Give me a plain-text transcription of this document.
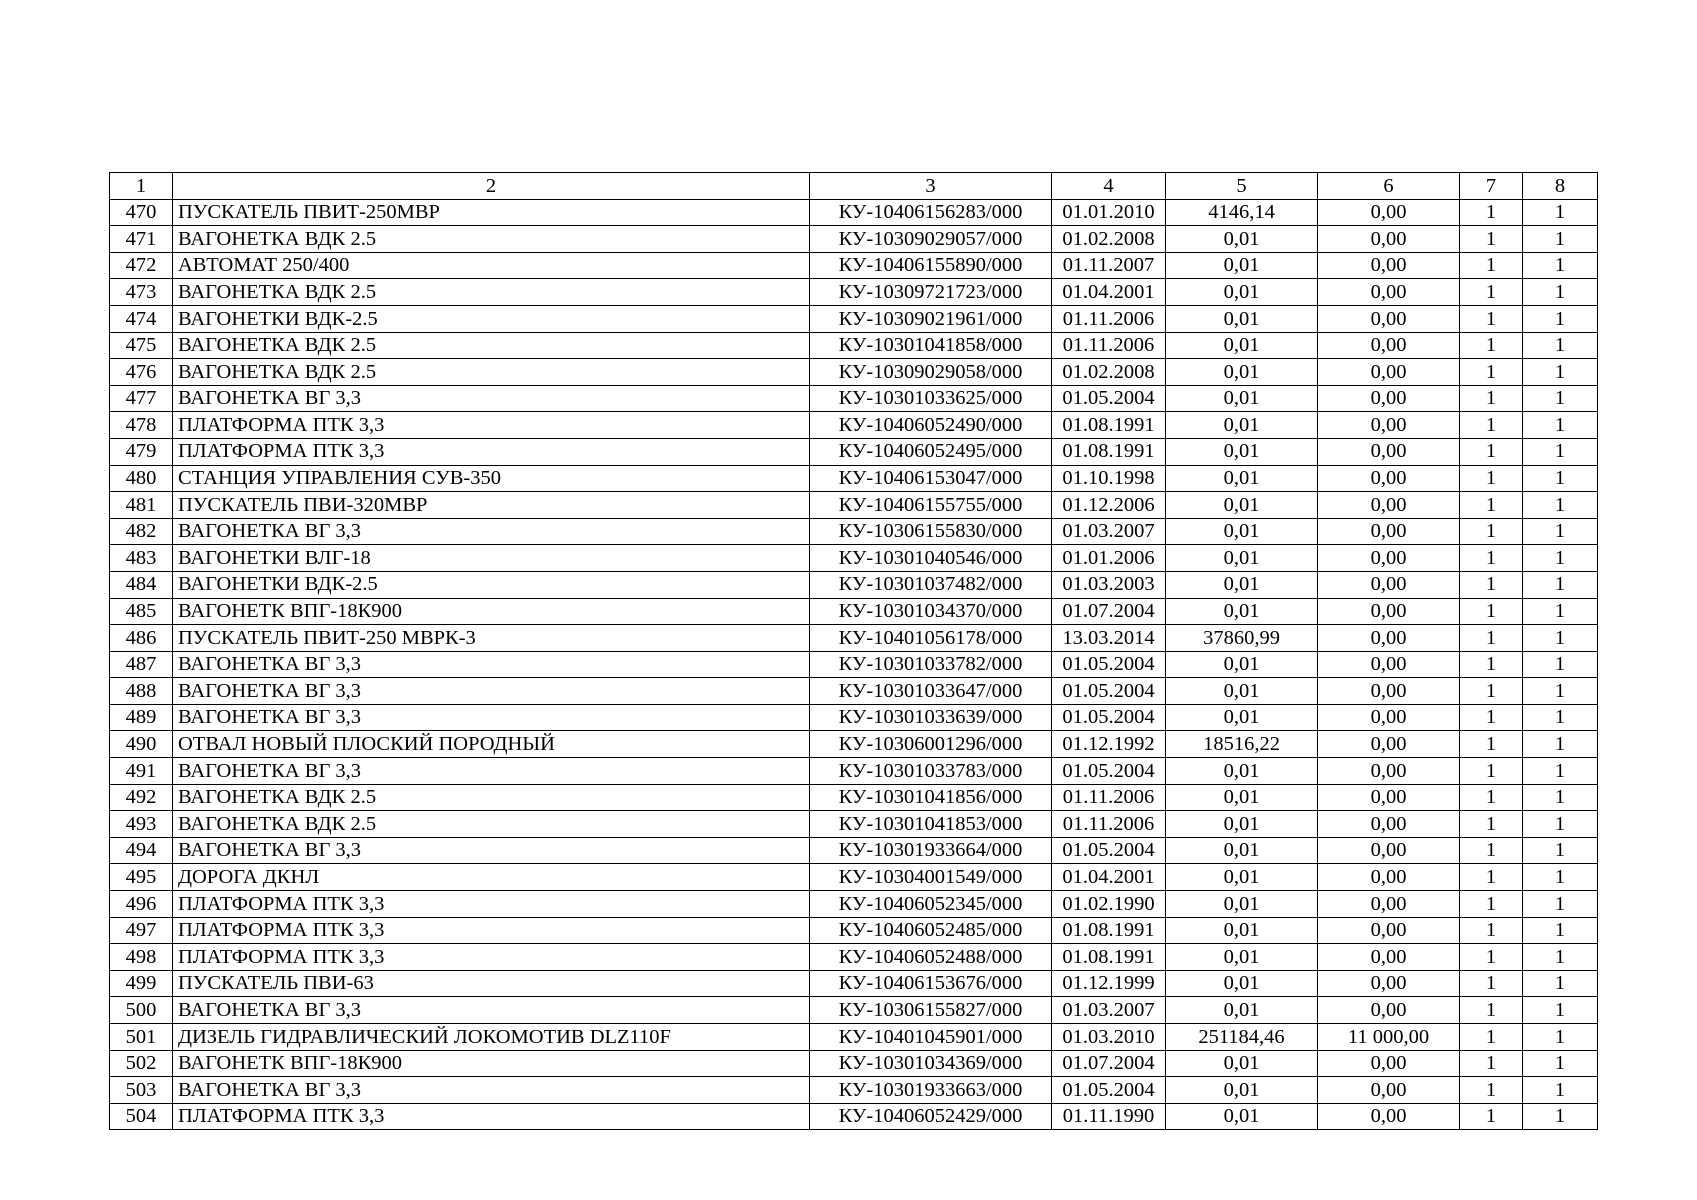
1	2	3	4	5	6	7	8
470	ПУСКАТЕЛЬ ПВИТ-250МВР	КУ-10406156283/000	01.01.2010	4146,14	0,00	1	1
471	ВАГОНЕТКА ВДК 2.5	КУ-10309029057/000	01.02.2008	0,01	0,00	1	1
472	АВТОМАТ 250/400	КУ-10406155890/000	01.11.2007	0,01	0,00	1	1
473	ВАГОНЕТКА ВДК 2.5	КУ-10309721723/000	01.04.2001	0,01	0,00	1	1
474	ВАГОНЕТКИ ВДК-2.5	КУ-10309021961/000	01.11.2006	0,01	0,00	1	1
475	ВАГОНЕТКА ВДК 2.5	КУ-10301041858/000	01.11.2006	0,01	0,00	1	1
476	ВАГОНЕТКА ВДК 2.5	КУ-10309029058/000	01.02.2008	0,01	0,00	1	1
477	ВАГОНЕТКА ВГ 3,3	КУ-10301033625/000	01.05.2004	0,01	0,00	1	1
478	ПЛАТФОРМА ПТК 3,3	КУ-10406052490/000	01.08.1991	0,01	0,00	1	1
479	ПЛАТФОРМА ПТК 3,3	КУ-10406052495/000	01.08.1991	0,01	0,00	1	1
480	СТАНЦИЯ УПРАВЛЕНИЯ СУВ-350	КУ-10406153047/000	01.10.1998	0,01	0,00	1	1
481	ПУСКАТЕЛЬ ПВИ-320МВР	КУ-10406155755/000	01.12.2006	0,01	0,00	1	1
482	ВАГОНЕТКА ВГ 3,3	КУ-10306155830/000	01.03.2007	0,01	0,00	1	1
483	ВАГОНЕТКИ ВЛГ-18	КУ-10301040546/000	01.01.2006	0,01	0,00	1	1
484	ВАГОНЕТКИ ВДК-2.5	КУ-10301037482/000	01.03.2003	0,01	0,00	1	1
485	ВАГОНЕТК ВПГ-18К900	КУ-10301034370/000	01.07.2004	0,01	0,00	1	1
486	ПУСКАТЕЛЬ ПВИТ-250 МВРК-3	КУ-10401056178/000	13.03.2014	37860,99	0,00	1	1
487	ВАГОНЕТКА ВГ 3,3	КУ-10301033782/000	01.05.2004	0,01	0,00	1	1
488	ВАГОНЕТКА ВГ 3,3	КУ-10301033647/000	01.05.2004	0,01	0,00	1	1
489	ВАГОНЕТКА ВГ 3,3	КУ-10301033639/000	01.05.2004	0,01	0,00	1	1
490	ОТВАЛ НОВЫЙ ПЛОСКИЙ ПОРОДНЫЙ	КУ-10306001296/000	01.12.1992	18516,22	0,00	1	1
491	ВАГОНЕТКА ВГ 3,3	КУ-10301033783/000	01.05.2004	0,01	0,00	1	1
492	ВАГОНЕТКА ВДК 2.5	КУ-10301041856/000	01.11.2006	0,01	0,00	1	1
493	ВАГОНЕТКА ВДК 2.5	КУ-10301041853/000	01.11.2006	0,01	0,00	1	1
494	ВАГОНЕТКА ВГ 3,3	КУ-10301933664/000	01.05.2004	0,01	0,00	1	1
495	ДОРОГА ДКНЛ	КУ-10304001549/000	01.04.2001	0,01	0,00	1	1
496	ПЛАТФОРМА ПТК 3,3	КУ-10406052345/000	01.02.1990	0,01	0,00	1	1
497	ПЛАТФОРМА ПТК 3,3	КУ-10406052485/000	01.08.1991	0,01	0,00	1	1
498	ПЛАТФОРМА ПТК 3,3	КУ-10406052488/000	01.08.1991	0,01	0,00	1	1
499	ПУСКАТЕЛЬ ПВИ-63	КУ-10406153676/000	01.12.1999	0,01	0,00	1	1
500	ВАГОНЕТКА ВГ 3,3	КУ-10306155827/000	01.03.2007	0,01	0,00	1	1
501	ДИЗЕЛЬ ГИДРАВЛИЧЕСКИЙ ЛОКОМОТИВ DLZ110F	КУ-10401045901/000	01.03.2010	251184,46	11 000,00	1	1
502	ВАГОНЕТК ВПГ-18К900	КУ-10301034369/000	01.07.2004	0,01	0,00	1	1
503	ВАГОНЕТКА ВГ 3,3	КУ-10301933663/000	01.05.2004	0,01	0,00	1	1
504	ПЛАТФОРМА ПТК 3,3	КУ-10406052429/000	01.11.1990	0,01	0,00	1	1
